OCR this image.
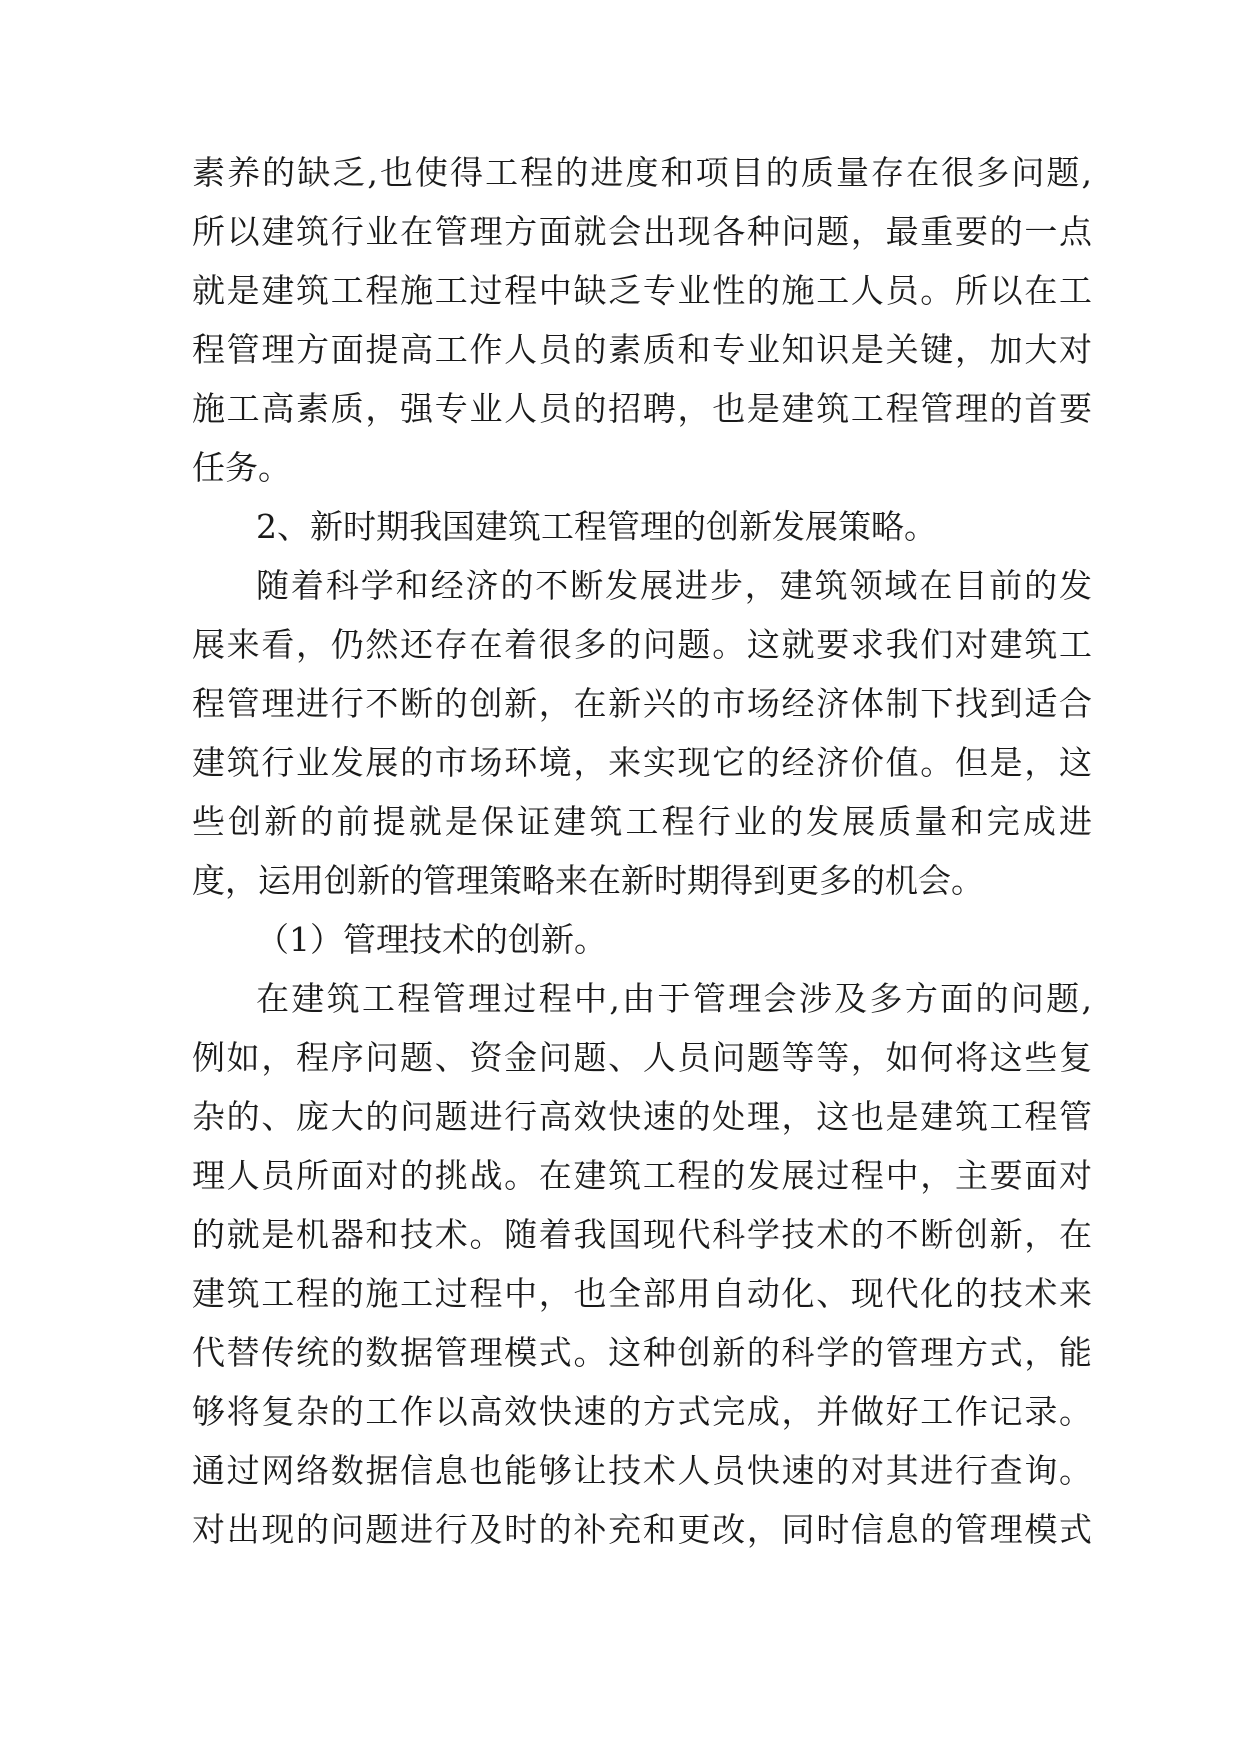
素养的缺乏,也使得工程的进度和项目的质量存在很多问题,
所以建筑行业在管理方面就会出现各种问题，最重要的一点
就是建筑工程施工过程中缺乏专业性的施工人员。所以在工
程管理方面提高工作人员的素质和专业知识是关键，加大对
施工高素质，强专业人员的招聘，也是建筑工程管理的首要
任务。
2、新时期我国建筑工程管理的创新发展策略。
随着科学和经济的不断发展进步，建筑领域在目前的发
展来看，仍然还存在着很多的问题。这就要求我们对建筑工
程管理进行不断的创新，在新兴的市场经济体制下找到适合
建筑行业发展的市场环境，来实现它的经济价值。但是，这
些创新的前提就是保证建筑工程行业的发展质量和完成进
度，运用创新的管理策略来在新时期得到更多的机会。
（1）管理技术的创新。
在建筑工程管理过程中,由于管理会涉及多方面的问题,
例如，程序问题、资金问题、人员问题等等，如何将这些复
杂的、庞大的问题进行高效快速的处理，这也是建筑工程管
理人员所面对的挑战。在建筑工程的发展过程中，主要面对
的就是机器和技术。随着我国现代科学技术的不断创新，在
建筑工程的施工过程中，也全部用自动化、现代化的技术来
代替传统的数据管理模式。这种创新的科学的管理方式，能
够将复杂的工作以高效快速的方式完成，并做好工作记录。
通过网络数据信息也能够让技术人员快速的对其进行查询。
对出现的问题进行及时的补充和更改，同时信息的管理模式
